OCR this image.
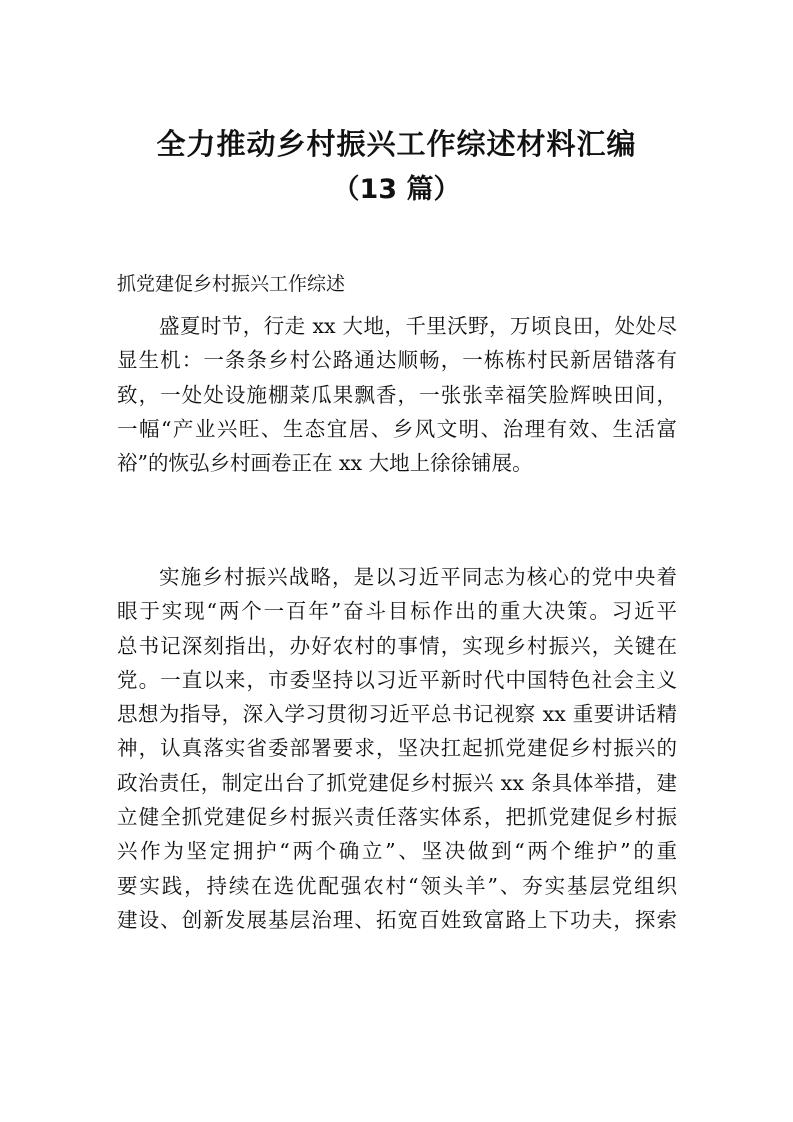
全力推动乡村振兴工作综述材料汇编
（13 篇）
抓党建促乡村振兴工作综述
盛夏时节，行走 xx 大地，千里沃野，万顷良田，处处尽
显生机：一条条乡村公路通达顺畅，一栋栋村民新居错落有
致，一处处设施棚菜瓜果飘香，一张张幸福笑脸辉映田间，
一幅“产业兴旺、生态宜居、乡风文明、治理有效、生活富
裕”的恢弘乡村画卷正在 xx 大地上徐徐铺展。
实施乡村振兴战略，是以习近平同志为核心的党中央着
眼于实现“两个一百年”奋斗目标作出的重大决策。习近平
总书记深刻指出，办好农村的事情，实现乡村振兴，关键在
党。一直以来，市委坚持以习近平新时代中国特色社会主义
思想为指导，深入学习贯彻习近平总书记视察 xx 重要讲话精
神，认真落实省委部署要求，坚决扛起抓党建促乡村振兴的
政治责任，制定出台了抓党建促乡村振兴 xx 条具体举措，建
立健全抓党建促乡村振兴责任落实体系，把抓党建促乡村振
兴作为坚定拥护“两个确立”、坚决做到“两个维护”的重
要实践，持续在选优配强农村“领头羊”、夯实基层党组织
建设、创新发展基层治理、拓宽百姓致富路上下功夫，探索
